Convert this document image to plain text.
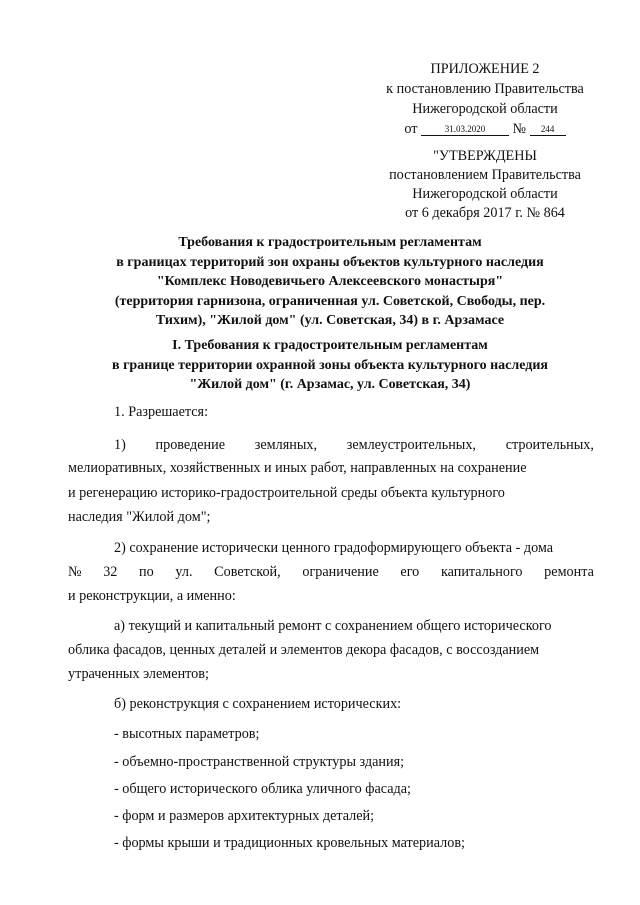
ПРИЛОЖЕНИЕ 2
к постановлению Правительства
Нижегородской области
от	31.03.2020 № 244
"УТВЕРЖДЕНЫ
постановлением Правительства
Нижегородской области
от 6 декабря 2017 г. № 864
Требования к градостроительным регламентам
в границах территорий зон охраны объектов культурного наследия
"Комплекс Новодевичьего Алексеевского монастыря"
(территория гарнизона, ограниченная ул. Советской, Свободы, пер.
Тихим), "Жилой дом" (ул. Советская, 34) в г. Арзамасе
I. Требования к градостроительным регламентам
в границе территории охранной зоны объекта культурного наследия
"Жилой дом" (г. Арзамас, ул. Советская, 34)
1. Разрешается:
1) проведение земляных, землеустроительных, строительных,
мелиоративных, хозяйственных и иных работ, направленных на сохранение
и регенерацию историко-градостроительной среды объекта культурного
наследия "Жилой дом";
2) сохранение исторически ценного градоформирующего объекта - дома
№ 32 по ул. Советской, ограничение его капитального ремонта
и реконструкции, а именно:
а) текущий и капитальный ремонт с сохранением общего исторического
облика фасадов, ценных деталей и элементов декора фасадов, с воссозданием
утраченных элементов;
б) реконструкция с сохранением исторических:
- высотных параметров;
- объемно-пространственной структуры здания;
- общего исторического облика уличного фасада;
- форм и размеров архитектурных деталей;
- формы крыши и традиционных кровельных материалов;
